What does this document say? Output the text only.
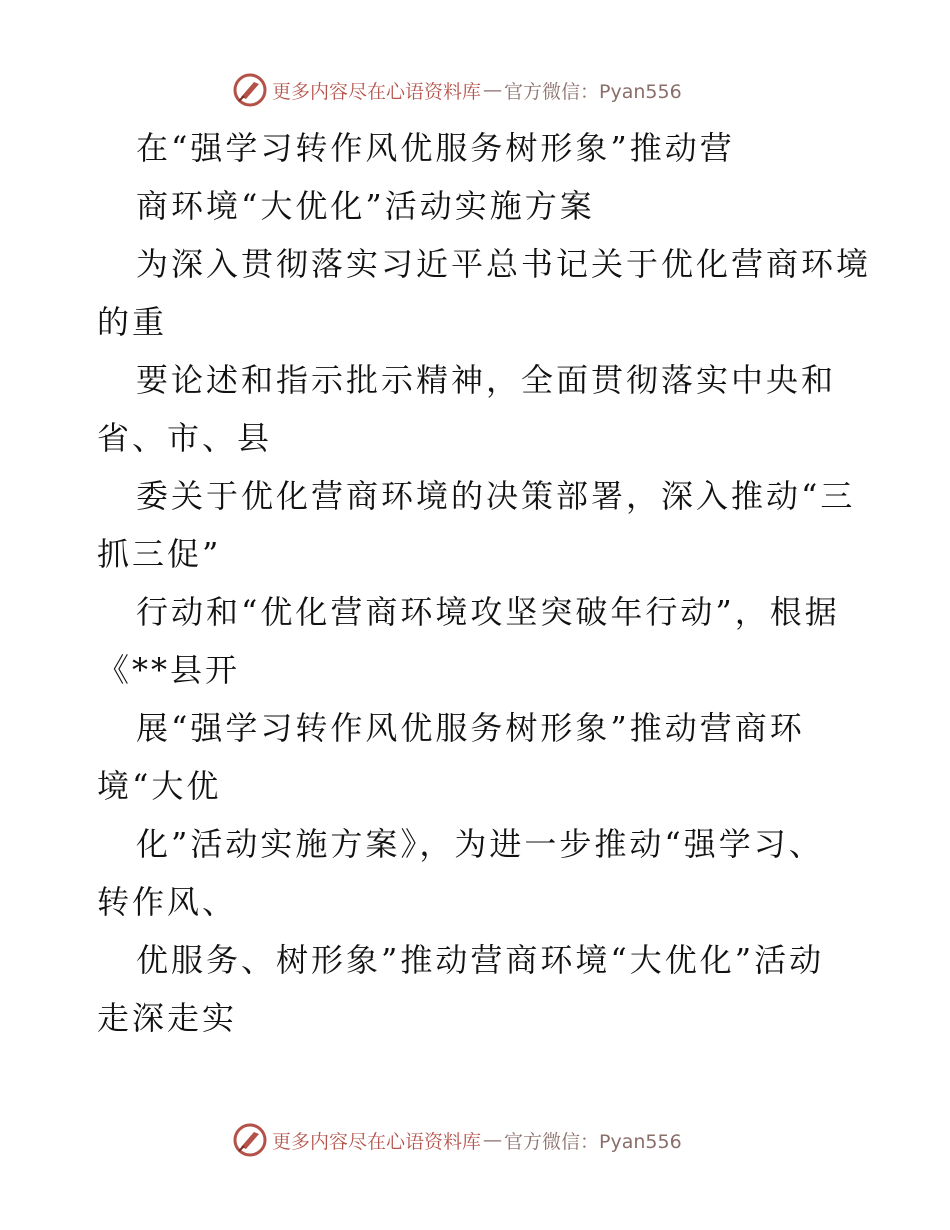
更多内容尽在心语资料库 — 官方微信：Pyan556
在“强学习转作风优服务树形象”推动营
商环境“大优化”活动实施方案
为深入贯彻落实习近平总书记关于优化营商环境
的重
要论述和指示批示精神，全面贯彻落实中央和
省、市、县
委关于优化营商环境的决策部署，深入推动“三
抓三促”
行动和“优化营商环境攻坚突破年行动”，根据
《**县开
展“强学习转作风优服务树形象”推动营商环
境“大优
化”活动实施方案》，为进一步推动“强学习、
转作风、
优服务、树形象”推动营商环境“大优化”活动
走深走实
更多内容尽在心语资料库 — 官方微信：Pyan556
